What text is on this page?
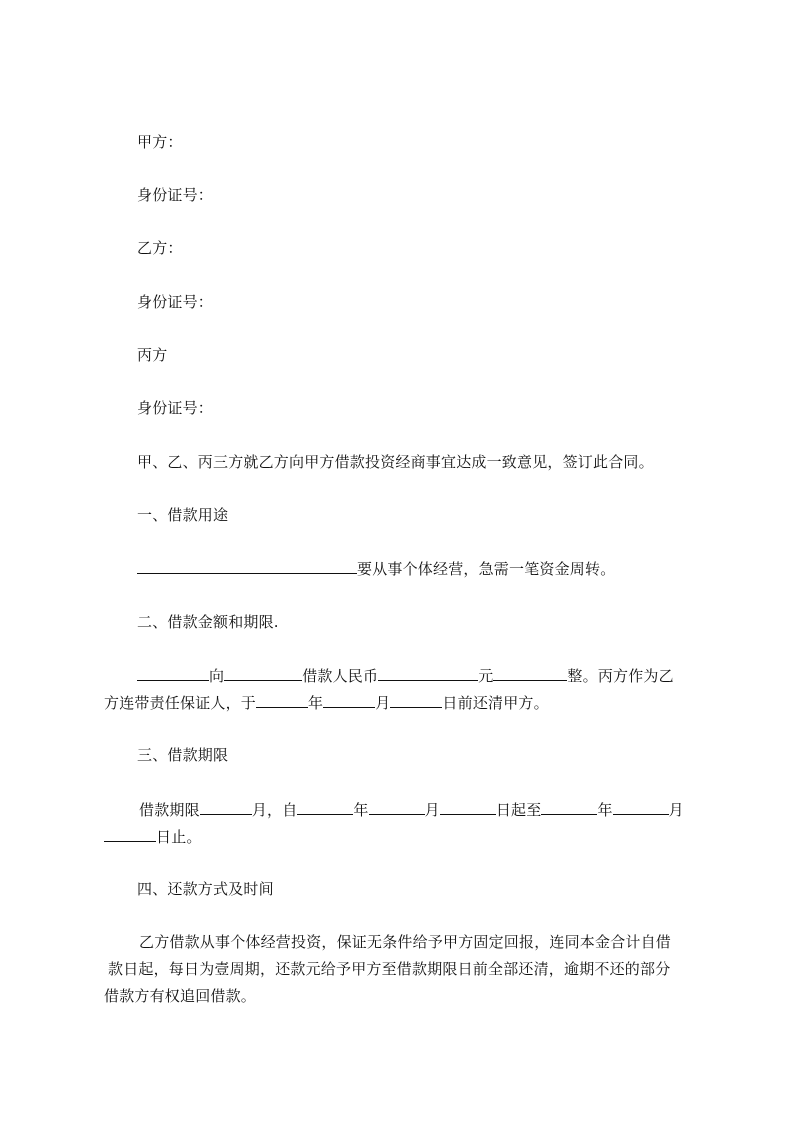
甲方：
身份证号：
乙方：
身份证号：
丙方
身份证号：
甲、乙、丙三方就乙方向甲方借款投资经商事宜达成一致意见，签订此合同。
一、借款用途
要从事个体经营，急需一笔资金周转。
二、借款金额和期限.
向	借款人民币	元	整。丙方作为乙
方连带责任保证人，于	年	月	日前还清甲方。
三、借款期限
借款期限	月，自	年	月	日起至	年	月
日止。
四、还款方式及时间
乙方借款从事个体经营投资，保证无条件给予甲方固定回报，连同本金合计自借
款日起，每日为壹周期，还款元给予甲方至借款期限日前全部还清，逾期不还的部分
借款方有权追回借款。
